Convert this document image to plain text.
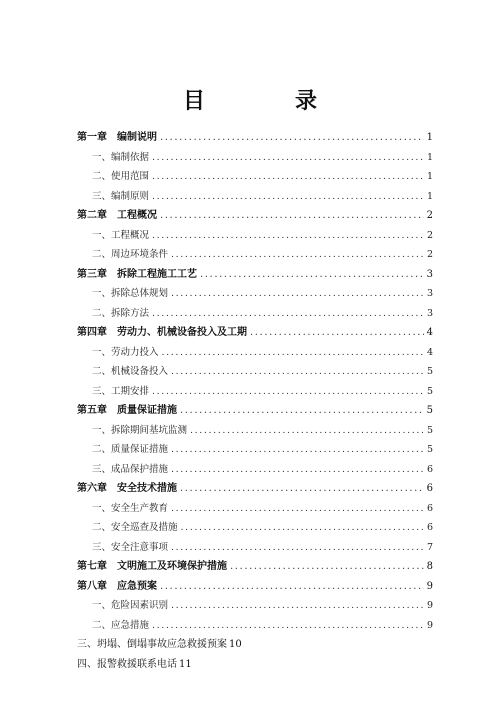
目　录
第一章 编制说明 .....	1
一、编制依据 .....	1
二、使用范围 .....	1
三、编制原则 .....	1
第二章 工程概况 .....	2
一、工程概况 .....	2
二、周边环境条件 .....	2
第三章 拆除工程施工工艺 .....	3
一、拆除总体规划 .....	3
二、拆除方法 .....	3
第四章 劳动力、机械设备投入及工期 .....	4
一、劳动力投入 .....	4
二、机械设备投入 .....	5
三、工期安排 .....	5
第五章 质量保证措施 .....	5
一、拆除期间基坑监测 .....	5
二、质量保证措施 .....	5
三、成品保护措施 .....	6
第六章 安全技术措施 .....	6
一、安全生产教育 .....	6
二、安全巡查及措施 .....	6
三、安全注意事项 .....	7
第七章 文明施工及环境保护措施 .....	8
第八章 应急预案 .....	9
一、危险因素识别 .....	9
二、应急措施 .....	9
三、坍塌、倒塌事故应急救援预案 10
四、报警救援联系电话 11
